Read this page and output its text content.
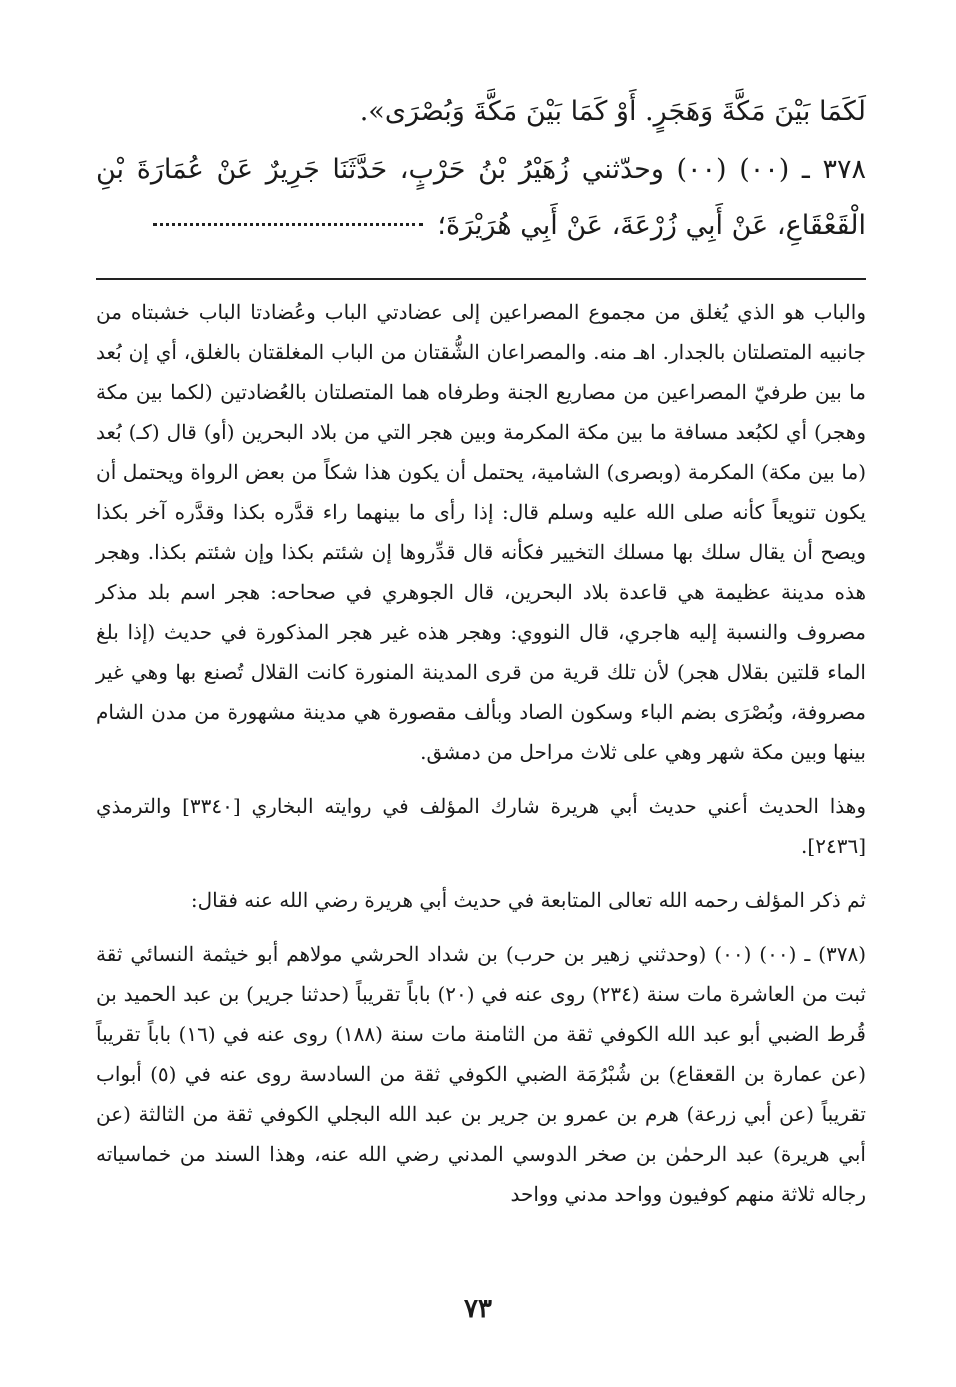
لَكَمَا بَيْنَ مَكَّةَ وَهَجَرٍ. أَوْ كَمَا بَيْنَ مَكَّةَ وَبُصْرَى».

٣٧٨ ـ (٠٠) (٠٠) وحدّثني زُهَيْرُ بْنُ حَرْبٍ، حَدَّثَنَا جَرِيرٌ عَنْ عُمَارَةَ بْنِ الْقَعْقَاعِ، عَنْ أَبِي زُرْعَةَ، عَنْ أَبِي هُرَيْرَةَ؛

والباب هو الذي يُغلق من مجموع المصراعين إلى عضادتي الباب وعُضادتا الباب خشبتاه من جانبيه المتصلتان بالجدار. اهـ منه. والمصراعان الشُّقتان من الباب المغلقتان بالغلق، أي إن بُعد ما بين طرفيّ المصراعين من مصاريع الجنة وطرفاه هما المتصلتان بالعُضادتين (لكما بين مكة وهجر) أي لكبُعد مسافة ما بين مكة المكرمة وبين هجر التي من بلاد البحرين (أو) قال (كـ) بُعد (ما بين مكة) المكرمة (وبصرى) الشامية، يحتمل أن يكون هذا شكاً من بعض الرواة ويحتمل أن يكون تنويعاً كأنه صلى الله عليه وسلم قال: إذا رأى ما بينهما راء قدَّره بكذا وقدَّره آخر بكذا ويصح أن يقال سلك بها مسلك التخيير فكأنه قال قدِّروها إن شئتم بكذا وإن شئتم بكذا. وهجر هذه مدينة عظيمة هي قاعدة بلاد البحرين، قال الجوهري في صحاحه: هجر اسم بلد مذكر مصروف والنسبة إليه هاجري، قال النووي: وهجر هذه غير هجر المذكورة في حديث (إذا بلغ الماء قلتين بقلال هجر) لأن تلك قرية من قرى المدينة المنورة كانت القلال تُصنع بها وهي غير مصروفة، وبُصْرَى بضم الباء وسكون الصاد وبألف مقصورة هي مدينة مشهورة من مدن الشام بينها وبين مكة شهر وهي على ثلاث مراحل من دمشق.

وهذا الحديث أعني حديث أبي هريرة شارك المؤلف في روايته البخاري [٣٣٤٠] والترمذي [٢٤٣٦].

ثم ذكر المؤلف رحمه الله تعالى المتابعة في حديث أبي هريرة رضي الله عنه فقال:

(٣٧٨) ـ (٠٠) (٠٠) (وحدثني زهير بن حرب) بن شداد الحرشي مولاهم أبو خيثمة النسائي ثقة ثبت من العاشرة مات سنة (٢٣٤) روى عنه في (٢٠) باباً تقريباً (حدثنا جرير) بن عبد الحميد بن قُرط الضبي أبو عبد الله الكوفي ثقة من الثامنة مات سنة (١٨٨) روى عنه في (١٦) باباً تقريباً (عن عمارة بن القعقاع) بن شُبْرُمَة الضبي الكوفي ثقة من السادسة روى عنه في (٥) أبواب تقريباً (عن أبي زرعة) هرم بن عمرو بن جرير بن عبد الله البجلي الكوفي ثقة من الثالثة (عن أبي هريرة) عبد الرحمٰن بن صخر الدوسي المدني رضي الله عنه، وهذا السند من خماسياته رجاله ثلاثة منهم كوفيون وواحد مدني وواحد

٧٣
